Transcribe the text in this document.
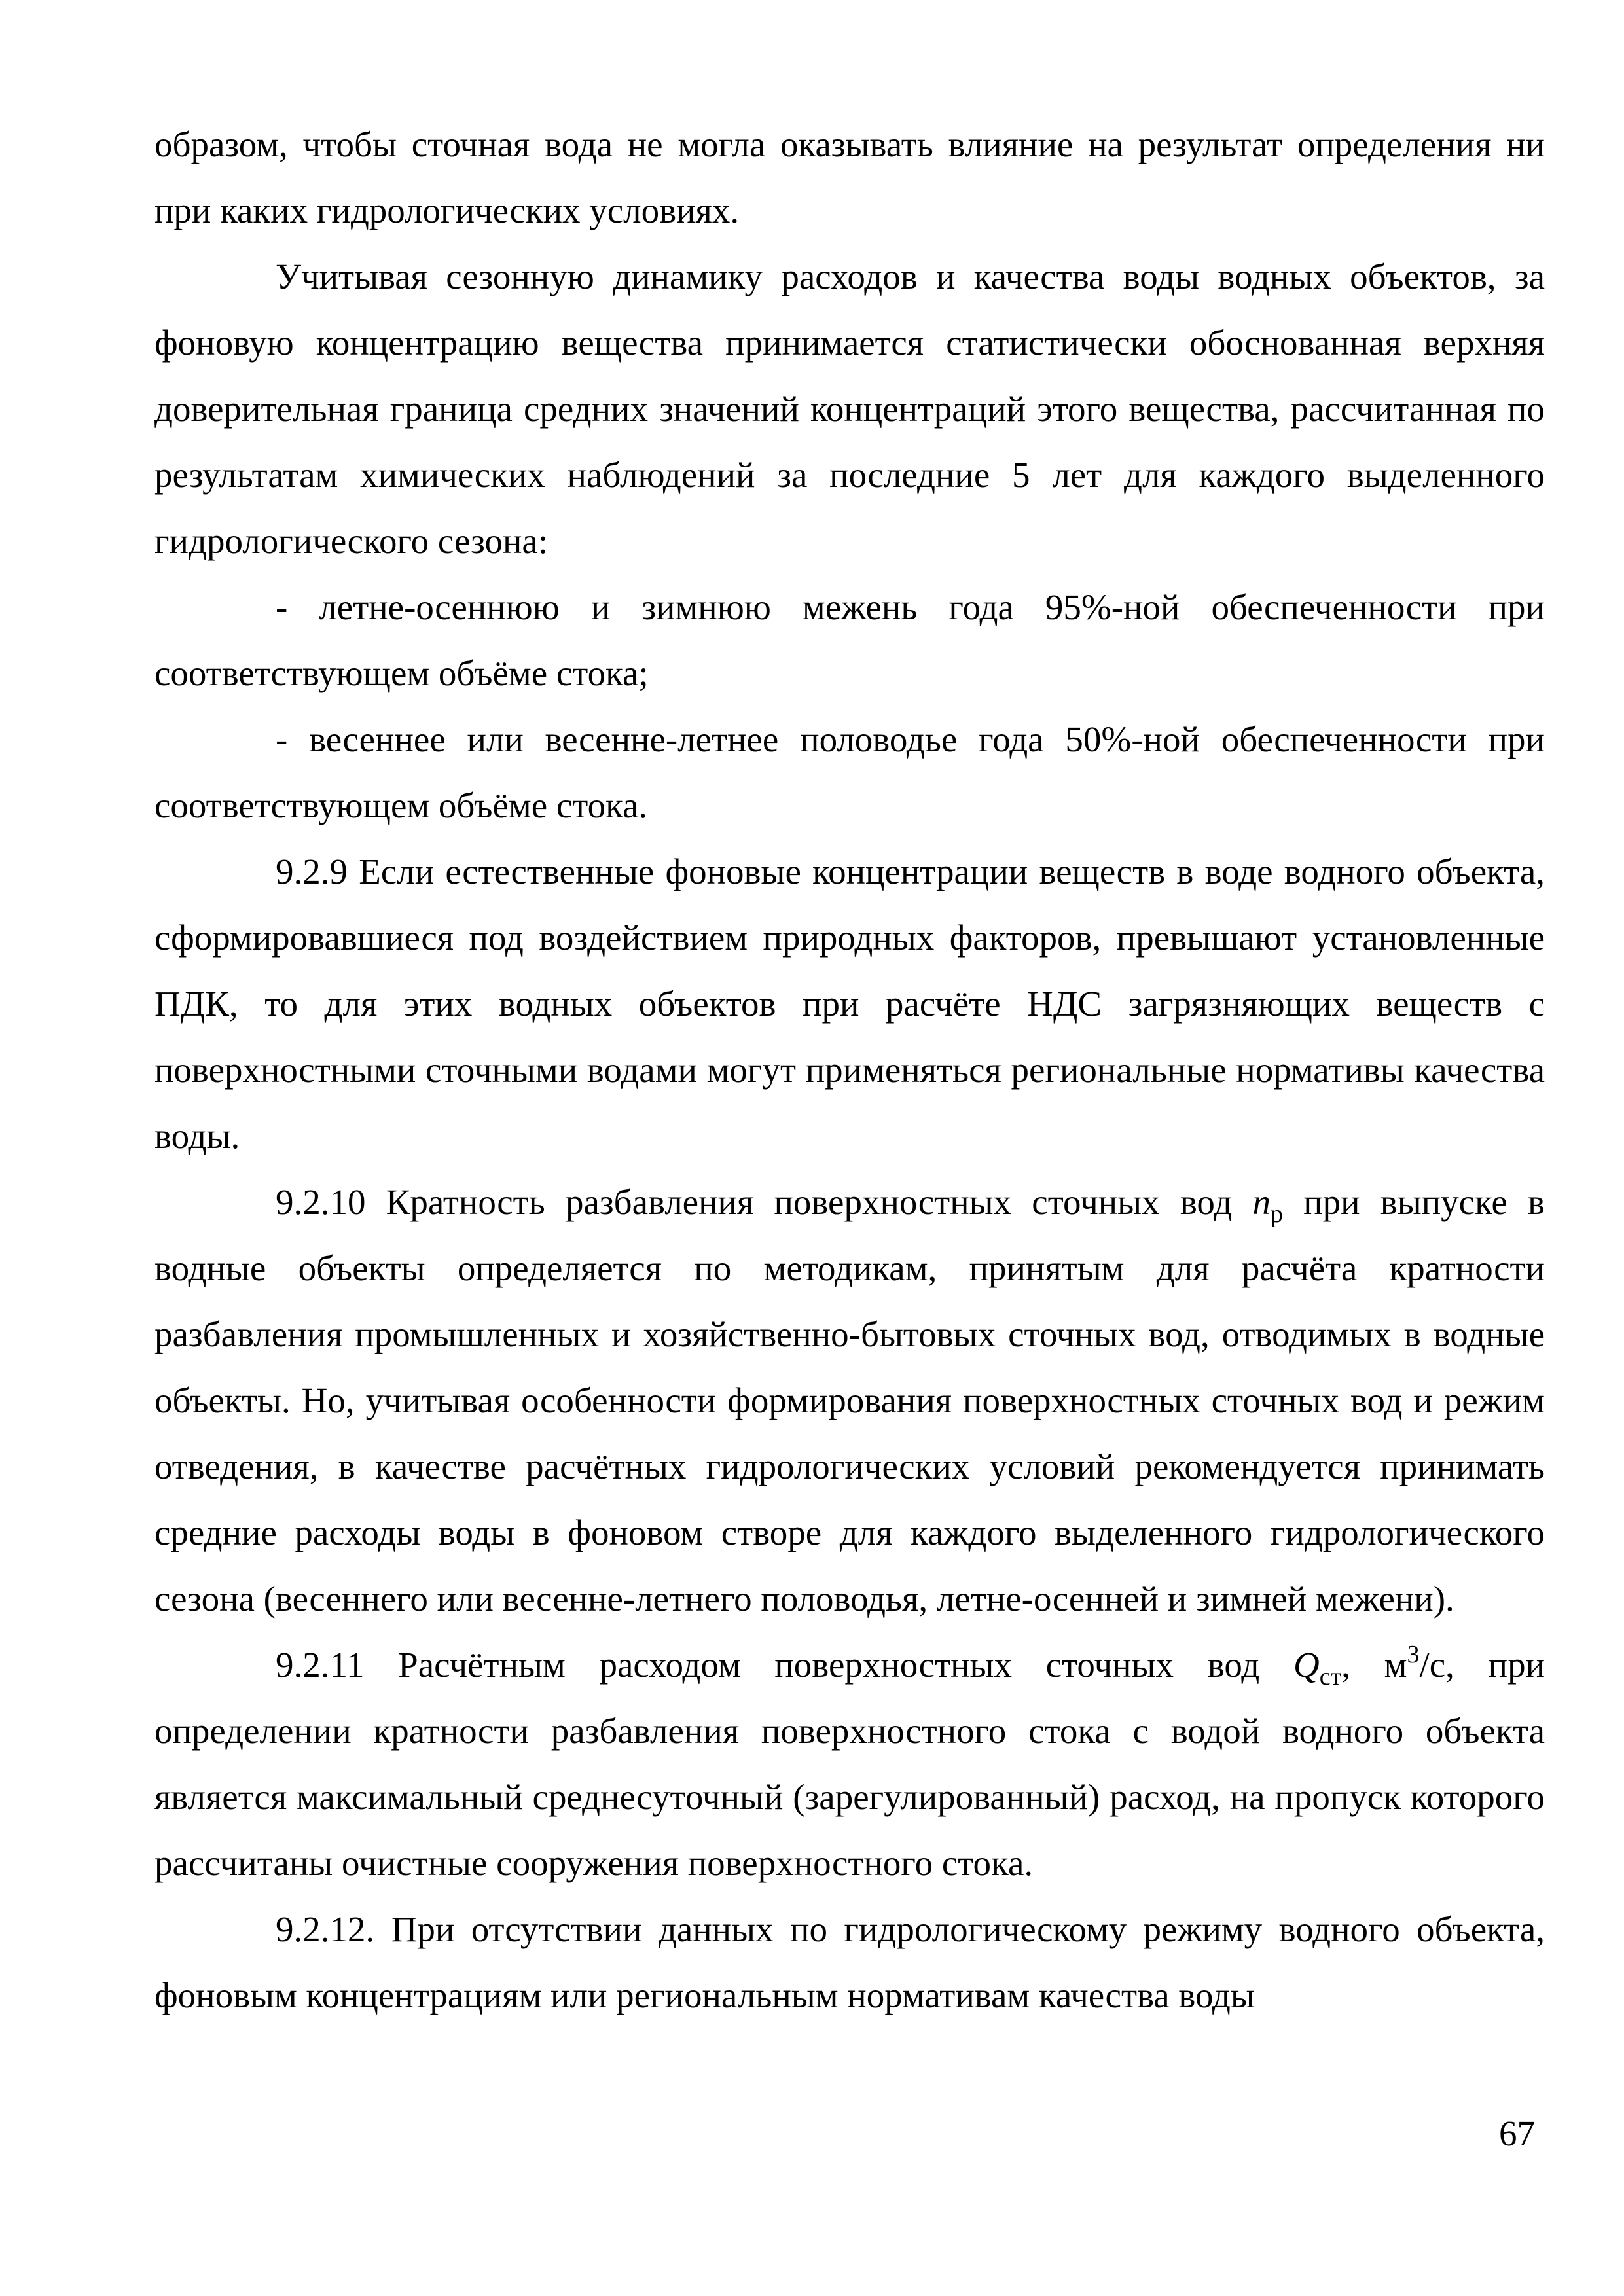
образом, чтобы сточная вода не могла оказывать влияние на результат определения ни при каких гидрологических условиях.

Учитывая сезонную динамику расходов и качества воды водных объектов, за фоновую концентрацию вещества принимается статистически обоснованная верхняя доверительная граница средних значений концентраций этого вещества, рассчитанная по результатам химических наблюдений за последние 5 лет для каждого выделенного гидрологического сезона:

- летне-осеннюю и зимнюю межень года 95%-ной обеспеченности при соответствующем объёме стока;

- весеннее или весенне-летнее половодье года 50%-ной обеспеченности при соответствующем объёме стока.

9.2.9 Если естественные фоновые концентрации веществ в воде водного объекта, сформировавшиеся под воздействием природных факторов, превышают установленные ПДК, то для этих водных объектов при расчёте НДС загрязняющих веществ с поверхностными сточными водами могут применяться региональные нормативы качества воды.

9.2.10 Кратность разбавления поверхностных сточных вод $n_р$ при выпуске в водные объекты определяется по методикам, принятым для расчёта кратности разбавления промышленных и хозяйственно-бытовых сточных вод, отводимых в водные объекты. Но, учитывая особенности формирования поверхностных сточных вод и режим отведения, в качестве расчётных гидрологических условий рекомендуется принимать средние расходы воды в фоновом створе для каждого выделенного гидрологического сезона (весеннего или весенне-летнего половодья, летне-осенней и зимней межени).

9.2.11 Расчётным расходом поверхностных сточных вод $Q_{ст}$, $м^3/с$, при определении кратности разбавления поверхностного стока с водой водного объекта является максимальный среднесуточный (зарегулированный) расход, на пропуск которого рассчитаны очистные сооружения поверхностного стока.

9.2.12. При отсутствии данных по гидрологическому режиму водного объекта, фоновым концентрациям или региональным нормативам качества воды

67
